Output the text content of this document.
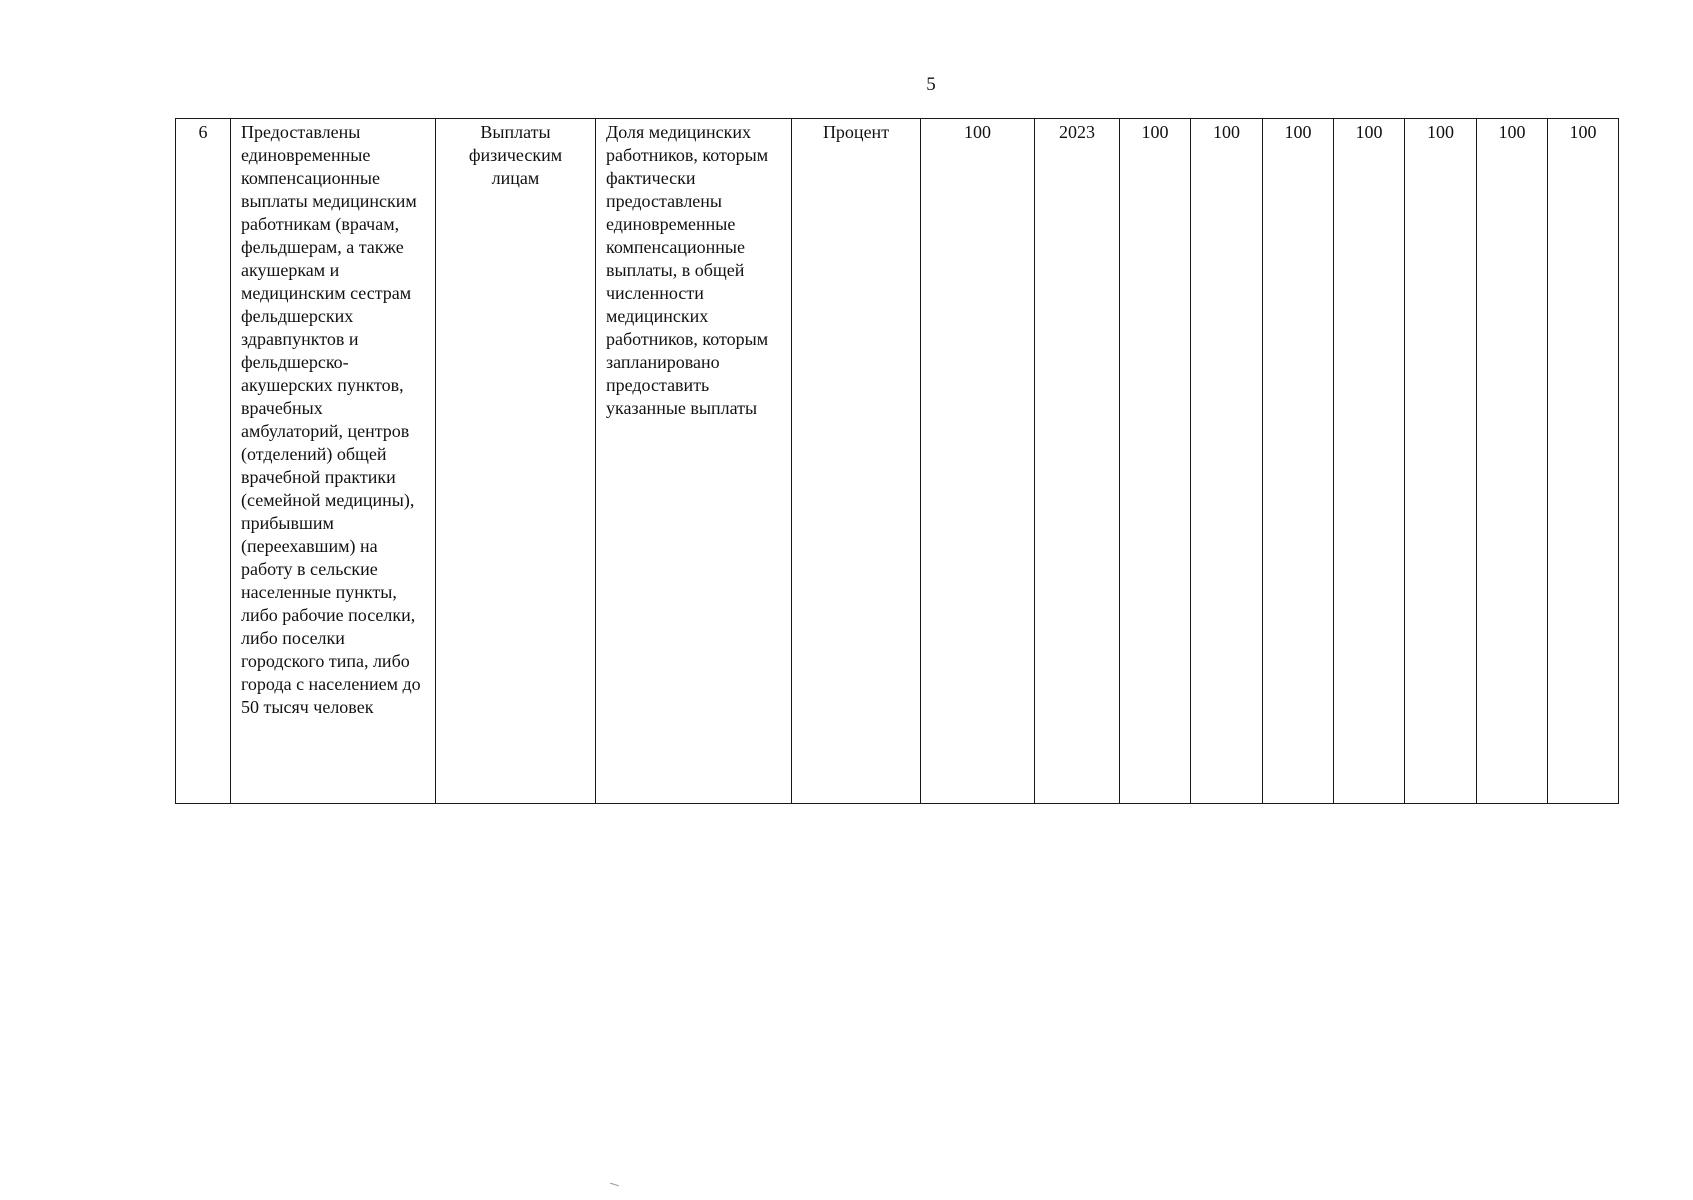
5
6	Предоставлены единовременные компенсационные выплаты медицинским работникам (врачам, фельдшерам, а также акушеркам и медицинским сестрам фельдшерских здравпунктов и фельдшерско-акушерских пунктов, врачебных амбулаторий, центров (отделений) общей врачебной практики (семейной медицины), прибывшим (переехавшим) на работу в сельские населенные пункты, либо рабочие поселки, либо поселки городского типа, либо города с населением до 50 тысяч человек	Выплаты физическим лицам	Доля медицинских работников, которым фактически предоставлены единовременные компенсационные выплаты, в общей численности медицинских работников, которым запланировано предоставить указанные выплаты	Процент	100	2023	100	100	100	100	100	100	100
